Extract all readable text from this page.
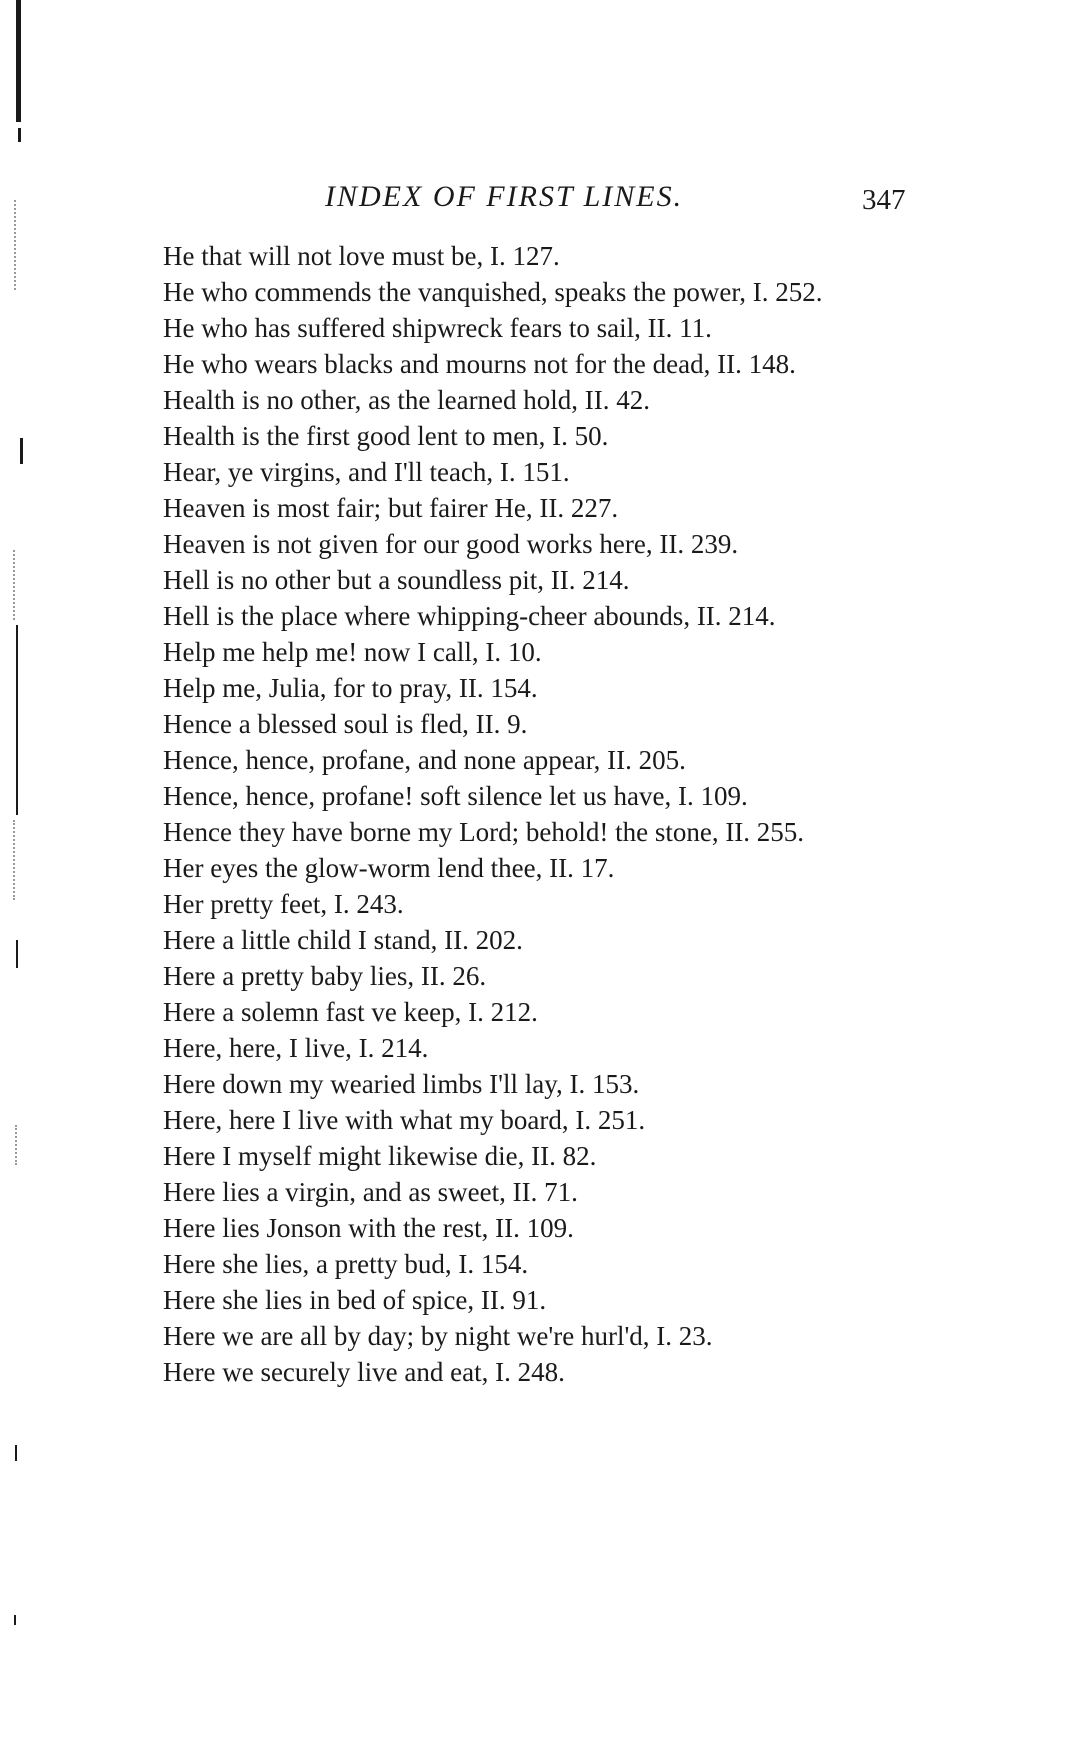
INDEX OF FIRST LINES.	347
He that will not love must be, I. 127.
He who commends the vanquished, speaks the power, I. 252.
He who has suffered shipwreck fears to sail, II. 11.
He who wears blacks and mourns not for the dead, II. 148.
Health is no other, as the learned hold, II. 42.
Health is the first good lent to men, I. 50.
Hear, ye virgins, and I'll teach, I. 151.
Heaven is most fair; but fairer He, II. 227.
Heaven is not given for our good works here, II. 239.
Hell is no other but a soundless pit, II. 214.
Hell is the place where whipping-cheer abounds, II. 214.
Help me help me! now I call, I. 10.
Help me, Julia, for to pray, II. 154.
Hence a blessed soul is fled, II. 9.
Hence, hence, profane, and none appear, II. 205.
Hence, hence, profane! soft silence let us have, I. 109.
Hence they have borne my Lord; behold! the stone, II. 255.
Her eyes the glow-worm lend thee, II. 17.
Her pretty feet, I. 243.
Here a little child I stand, II. 202.
Here a pretty baby lies, II. 26.
Here a solemn fast ᴠe keep, I. 212.
Here, here, I live, I. 214.
Here down my wearied limbs I'll lay, I. 153.
Here, here I live with what my board, I. 251.
Here I myself might likewise die, II. 82.
Here lies a virgin, and as sweet, II. 71.
Here lies Jonson with the rest, II. 109.
Here she lies, a pretty bud, I. 154.
Here she lies in bed of spice, II. 91.
Here we are all by day; by night we're hurl'd, I. 23.
Here we securely live and eat, I. 248.
